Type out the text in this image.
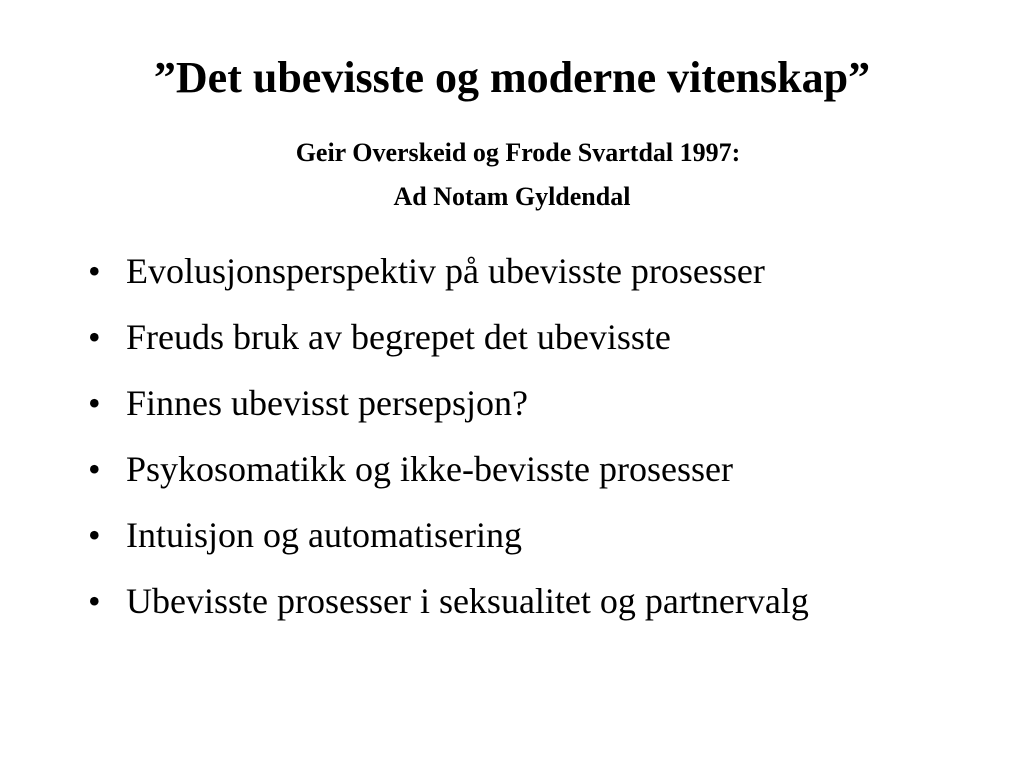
”Det ubevisste og moderne vitenskap”
Geir Overskeid og Frode Svartdal 1997:
Ad Notam Gyldendal
• Evolusjonsperspektiv på ubevisste prosesser
• Freuds bruk av begrepet det ubevisste
• Finnes ubevisst persepsjon?
• Psykosomatikk og ikke-bevisste prosesser
• Intuisjon og automatisering
• Ubevisste prosesser i seksualitet og partnervalg
